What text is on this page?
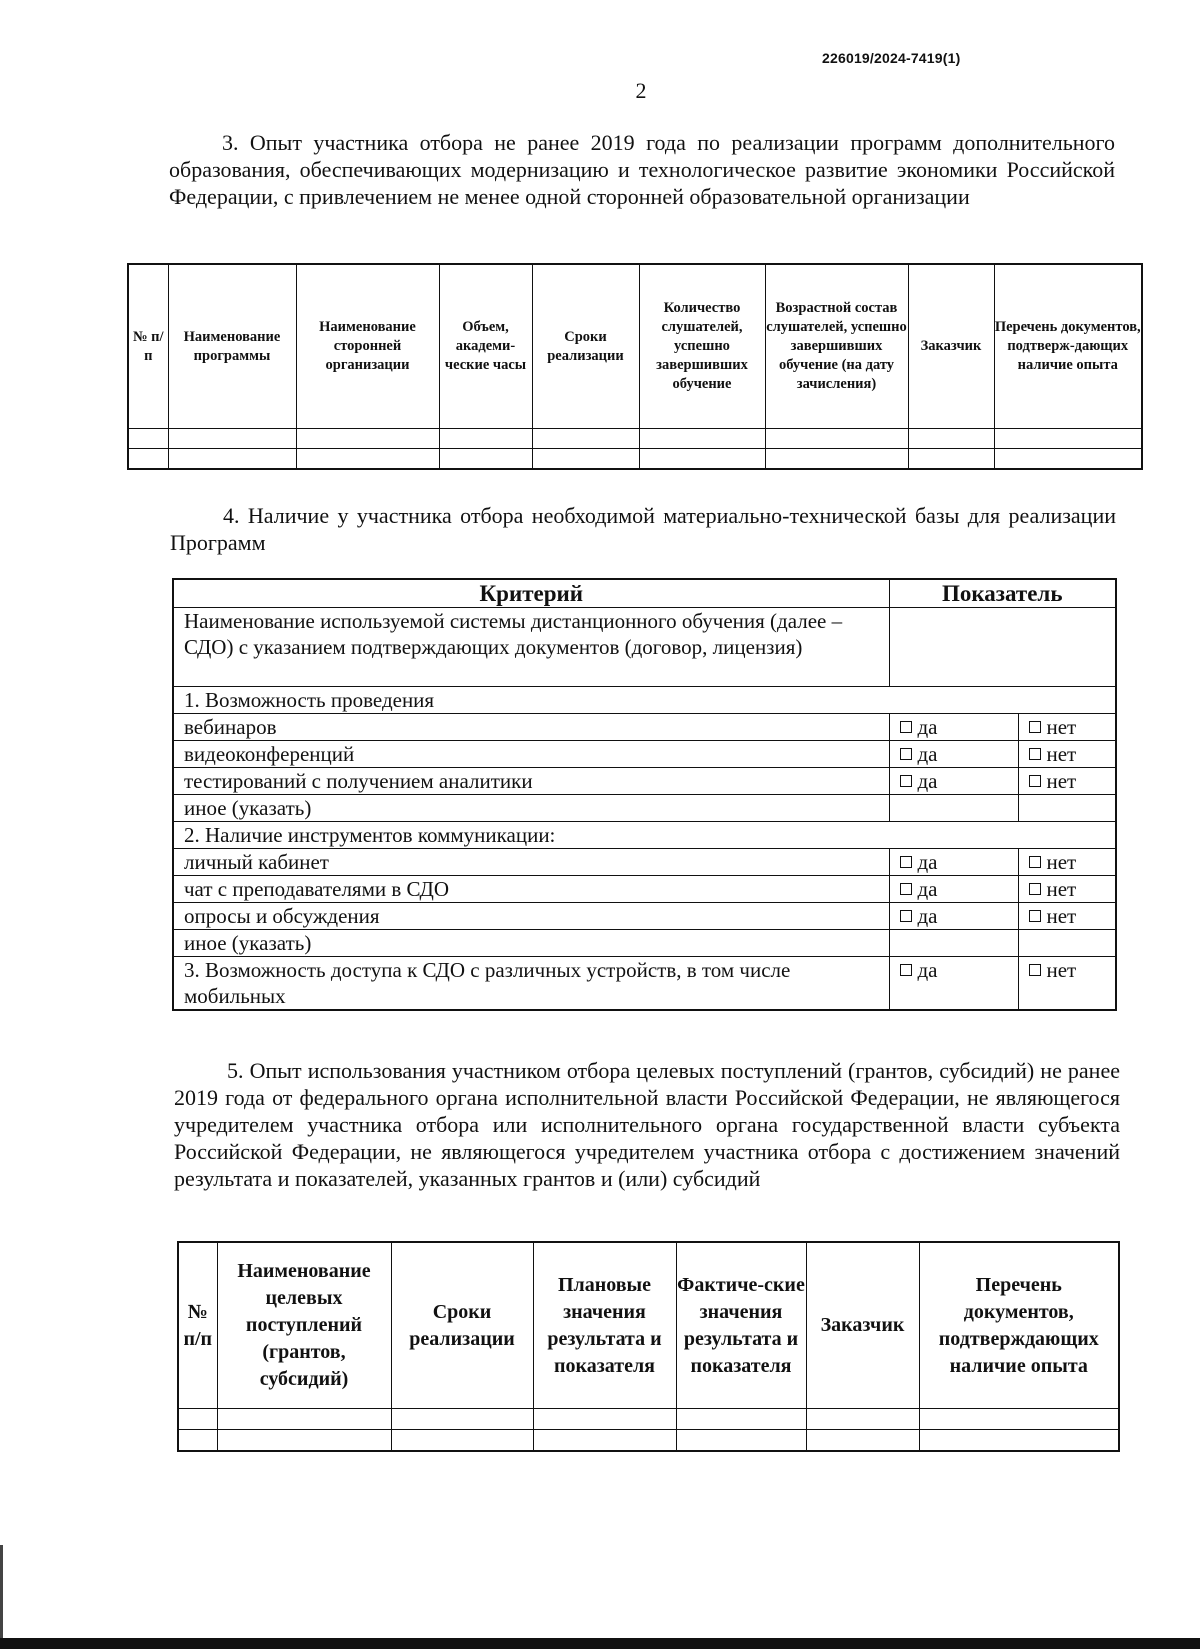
226019/2024-7419(1)
2

3. Опыт участника отбора не ранее 2019 года по реализации программ дополнительного образования, обеспечивающих модернизацию и технологическое развитие экономики Российской Федерации, с привлечением не менее одной сторонней образовательной организации

№ п/п	Наименование программы	Наименование сторонней организации	Объем, академи-ческие часы	Сроки реализации	Количество слушателей, успешно завершивших обучение	Возрастной состав слушателей, успешно завершивших обучение (на дату зачисления)	Заказчик	Перечень документов, подтверж-дающих наличие опыта

4. Наличие у участника отбора необходимой материально-технической базы для реализации Программ

Критерий	Показатель	
Наименование используемой системы дистанционного обучения (далее – СДО) с указанием подтверждающих документов (договор, лицензия)		
1. Возможность проведения		
вебинаров	да	нет
видеоконференций	да	нет
тестирований с получением аналитики	да	нет
иное (указать)		
2. Наличие инструментов коммуникации:		
личный кабинет	да	нет
чат с преподавателями в СДО	да	нет
опросы и обсуждения	да	нет
иное (указать)		
3. Возможность доступа к СДО с различных устройств, в том числе мобильных	да	нет

5. Опыт использования участником отбора целевых поступлений (грантов, субсидий) не ранее 2019 года от федерального органа исполнительной власти Российской Федерации, не являющегося учредителем участника отбора или исполнительного органа государственной власти субъекта Российской Федерации, не являющегося учредителем участника отбора с достижением значений результата и показателей, указанных грантов и (или) субсидий

№ п/п	Наименование целевых поступлений (грантов, субсидий)	Сроки реализации	Плановые значения результата и показателя	Фактиче-ские значения результата и показателя	Заказчик	Перечень документов, подтверждающих наличие опыта
